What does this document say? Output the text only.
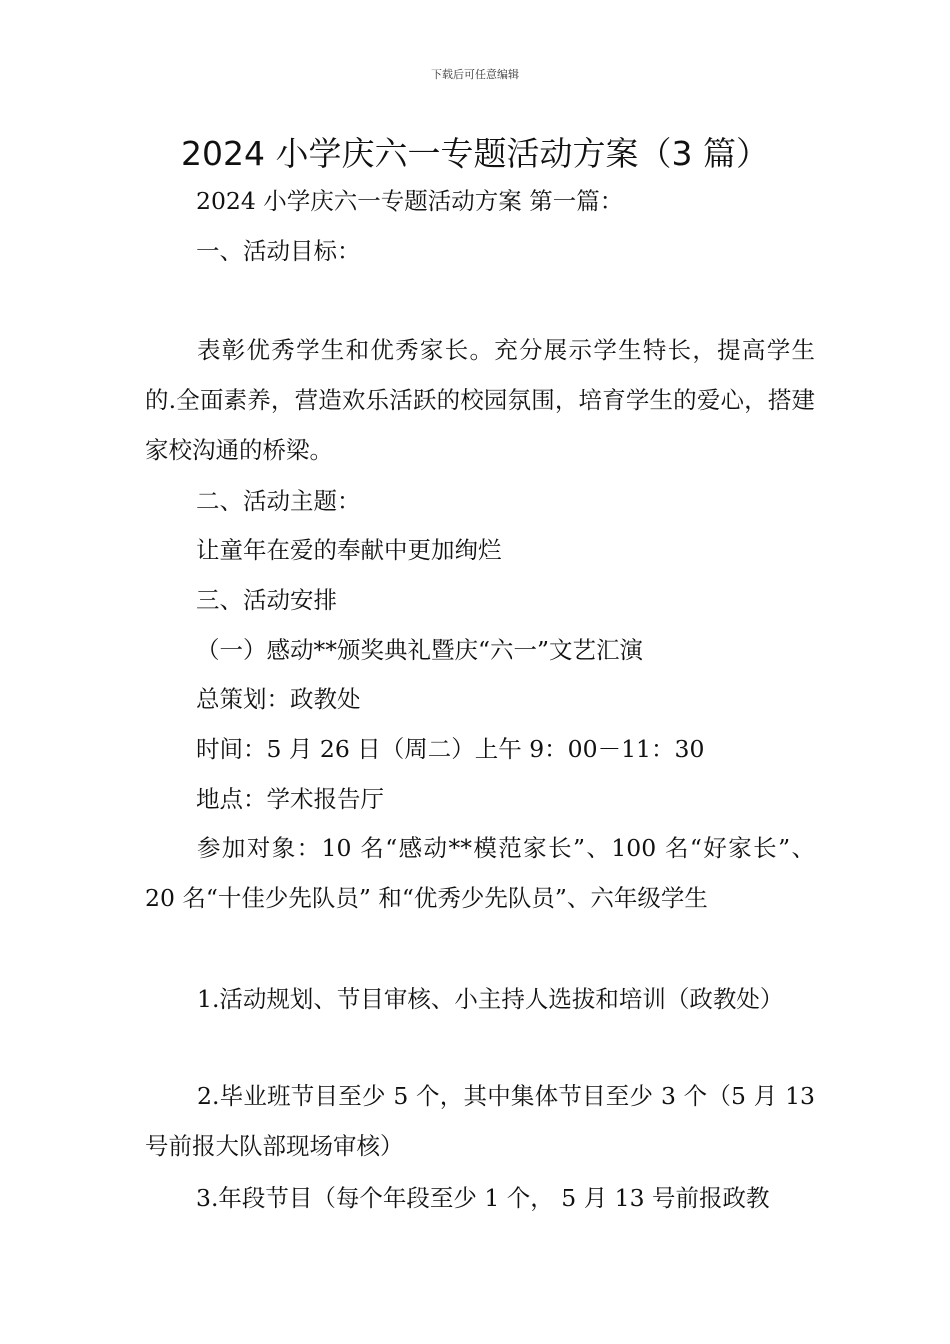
下载后可任意编辑
2024 小学庆六一专题活动方案（3 篇）
2024 小学庆六一专题活动方案 第一篇：
一、活动目标：
表彰优秀学生和优秀家长。充分展示学生特长，提高学生的.全面素养，营造欢乐活跃的校园氛围，培育学生的爱心，搭建家校沟通的桥梁。
二、活动主题：
让童年在爱的奉献中更加绚烂
三、活动安排
（一）感动**颁奖典礼暨庆“六一”文艺汇演
总策划：政教处
时间：5 月 26 日（周二）上午 9：00－11：30
地点：学术报告厅
参加对象：10 名“感动**模范家长”、100 名“好家长”、 20 名“十佳少先队员” 和“优秀少先队员”、六年级学生
1.活动规划、节目审核、小主持人选拔和培训（政教处）
2.毕业班节目至少 5 个，其中集体节目至少 3 个（5 月 13 号前报大队部现场审核）
3.年段节目（每个年段至少 1 个， 5 月 13 号前报政教
